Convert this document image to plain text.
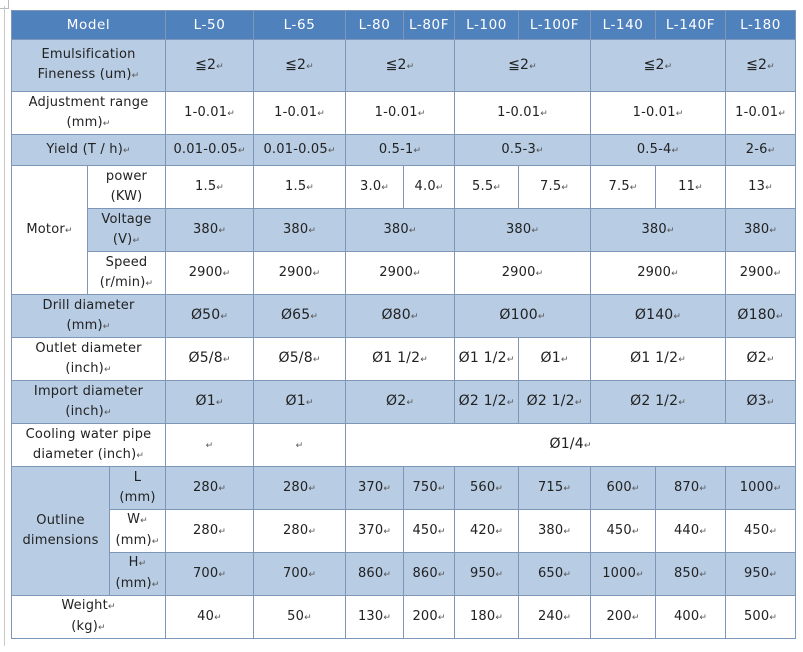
Model			L-50	L-65	L-80	L-80F	L-100	L-100F	L-140	L-140F	L-180
Emulsification
Fineness (um)↵			≦2↵	≦2↵	≦2↵		≦2↵		≦2↵		≦2↵
Adjustment range
(mm)↵			1-0.01↵	1-0.01↵	1-0.01↵		1-0.01↵		1-0.01↵		1-0.01↵
Yield (T / h)↵			0.01-0.05↵	0.01-0.05↵	0.5-1↵		0.5-3↵		0.5-4↵		2-6↵
Motor↵	power
(KW)		1.5↵	1.5↵	3.0↵	4.0↵	5.5↵	7.5↵	7.5↵	11↵	13↵
	Voltage
(V)↵		380↵	380↵	380↵		380↵		380↵		380↵
	Speed
(r/min)↵		2900↵	2900↵	2900↵		2900↵		2900↵		2900↵
Drill diameter
(mm)↵			Ø50↵	Ø65↵	Ø80↵		Ø100↵		Ø140↵		Ø180↵
Outlet diameter
(inch)↵			Ø5/8↵	Ø5/8↵	Ø1 1/2↵		Ø1 1/2↵	Ø1↵	Ø1 1/2↵		Ø2↵
Import diameter
(inch)↵			Ø1↵	Ø1↵	Ø2↵		Ø2 1/2↵	Ø2 1/2↵	Ø2 1/2↵		Ø3↵
Cooling water pipe
diameter (inch)↵			↵	↵	Ø1/4↵						
Outline
dimensions		L
(mm)	280↵	280↵	370↵	750↵	560↵	715↵	600↵	870↵	1000↵
		W↵
(mm)↵	280↵	280↵	370↵	450↵	420↵	380↵	450↵	440↵	450↵
		H↵
(mm)↵	700↵	700↵	860↵	860↵	950↵	650↵	1000↵	850↵	950↵
Weight↵
(kg)↵			40↵	50↵	130↵	200↵	180↵	240↵	200↵	400↵	500↵
